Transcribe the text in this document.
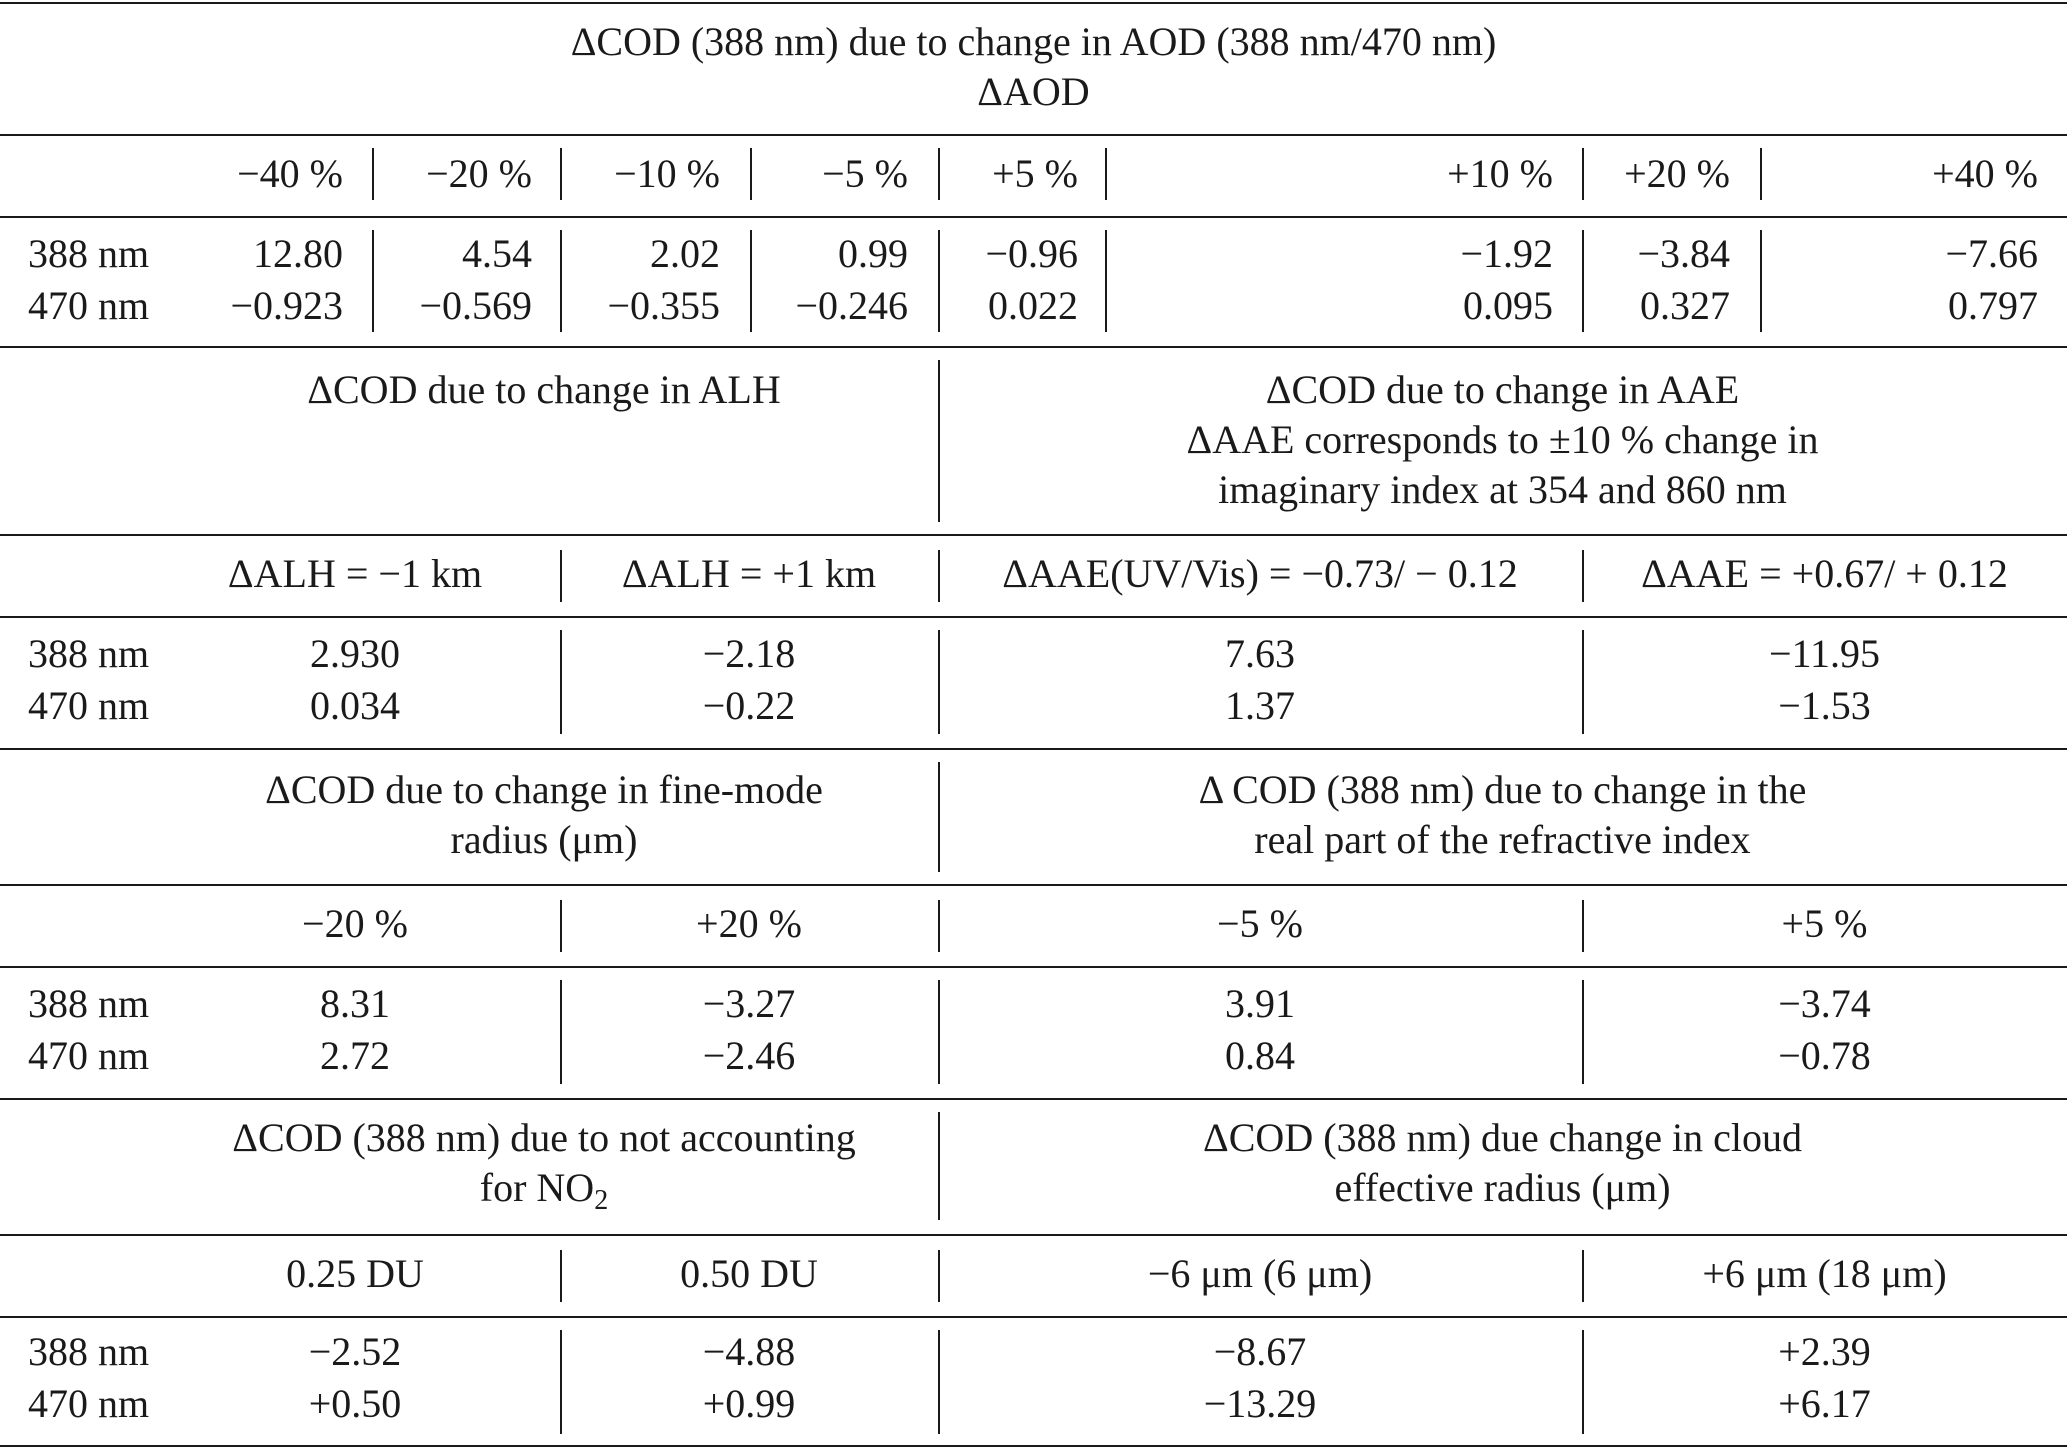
ΔCOD (388 nm) due to change in AOD (388 nm/470 nm)
ΔAOD
−40 %	−20 %	−10 %	−5 %	+5 %	+10 %	+20 %	+40 %
388 nm	12.80	4.54	2.02	0.99	−0.96	−1.92	−3.84	−7.66
470 nm	−0.923	−0.569	−0.355	−0.246	0.022	0.095	0.327	0.797
ΔCOD due to change in ALH	ΔCOD due to change in AAE
ΔAAE corresponds to ±10 % change in
imaginary index at 354 and 860 nm
ΔALH = −1 km	ΔALH = +1 km	ΔAAE(UV/Vis) = −0.73/ − 0.12	ΔAAE = +0.67/ + 0.12
388 nm	2.930	−2.18	7.63	−11.95
470 nm	0.034	−0.22	1.37	−1.53
ΔCOD due to change in fine-mode
radius (μm)
Δ COD (388 nm) due to change in the
real part of the refractive index
−20 %	+20 %	−5 %	+5 %
388 nm	8.31	−3.27	3.91	−3.74
470 nm	2.72	−2.46	0.84	−0.78
ΔCOD (388 nm) due to not accounting
for $NO_2$
ΔCOD (388 nm) due change in cloud
effective radius (μm)
0.25 DU	0.50 DU	−6 μm (6 μm)	+6 μm (18 μm)
388 nm	−2.52	−4.88	−8.67	+2.39
470 nm	+0.50	+0.99	−13.29	+6.17
